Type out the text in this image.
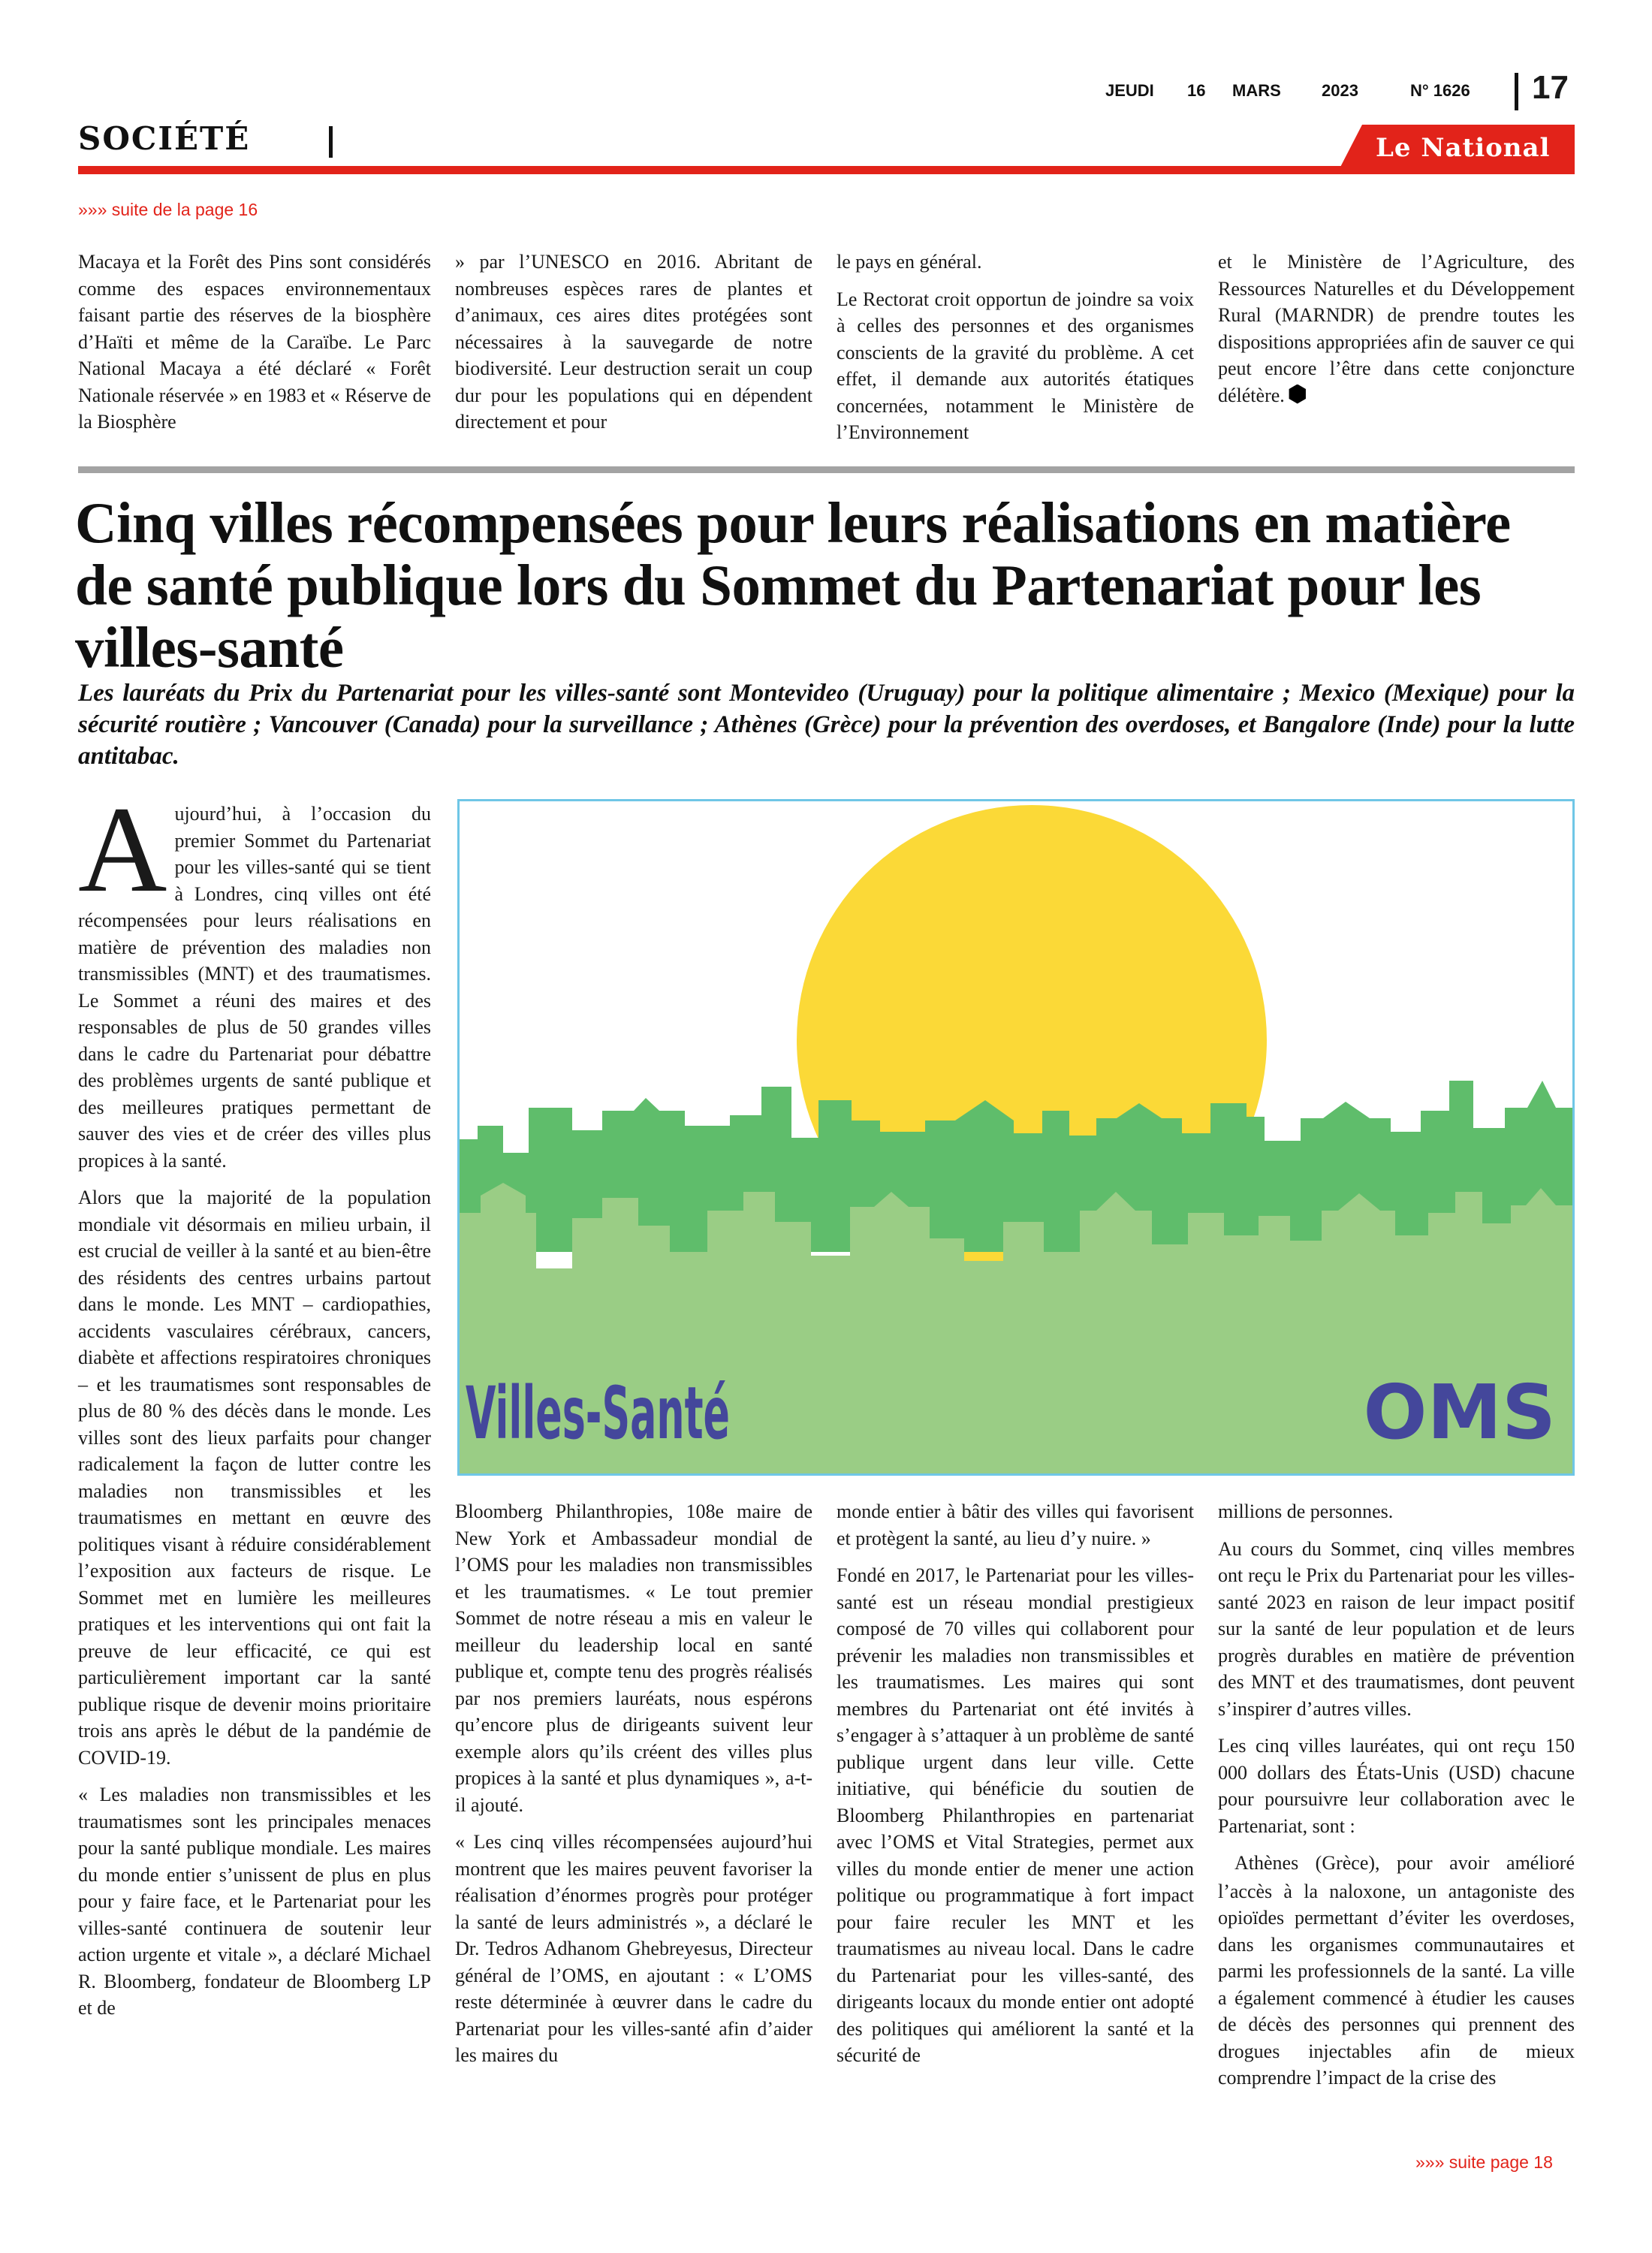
JEUDI 16 MARS 2023	N° 1626 17
SOCIÉTÉ	Le National
»»» suite de la page 16

Macaya et la Forêt des Pins sont considérés comme des espaces environnementaux faisant partie des réserves de la biosphère d’Haïti et même de la Caraïbe. Le Parc National Macaya a été déclaré « Forêt Nationale réservée » en 1983 et « Réserve de la Biosphère

» par l’UNESCO en 2016. Abritant de nombreuses espèces rares de plantes et d’animaux, ces aires dites protégées sont nécessaires à la sauvegarde de notre biodiversité. Leur destruction serait un coup dur pour les populations qui en dépendent directement et pour

le pays en général.

Le Rectorat croit opportun de joindre sa voix à celles des personnes et des organismes conscients de la gravité du problème. A cet effet, il demande aux autorités étatiques concernées, notamment le Ministère de l’Environnement

et le Ministère de l’Agriculture, des Ressources Naturelles et du Développement Rural (MARNDR) de prendre toutes les dispositions appropriées afin de sauver ce qui peut encore l’être dans cette conjoncture délétère.

Cinq villes récompensées pour leurs réalisations en matière de santé publique lors du Sommet du Partenariat pour les villes-santé

Les lauréats du Prix du Partenariat pour les villes-santé sont Montevideo (Uruguay) pour la politique alimentaire ; Mexico (Mexique) pour la sécurité routière ; Vancouver (Canada) pour la surveillance ; Athènes (Grèce) pour la prévention des overdoses, et Bangalore (Inde) pour la lutte antitabac.

Aujourd’hui, à l’occasion du premier Sommet du Partenariat pour les villes-santé qui se tient à Londres, cinq villes ont été récompensées pour leurs réalisations en matière de prévention des maladies non transmissibles (MNT) et des traumatismes. Le Sommet a réuni des maires et des responsables de plus de 50 grandes villes dans le cadre du Partenariat pour débattre des problèmes urgents de santé publique et des meilleures pratiques permettant de sauver des vies et de créer des villes plus propices à la santé.

Alors que la majorité de la population mondiale vit désormais en milieu urbain, il est crucial de veiller à la santé et au bien-être des résidents des centres urbains partout dans le monde. Les MNT – cardiopathies, accidents vasculaires cérébraux, cancers, diabète et affections respiratoires chroniques – et les traumatismes sont responsables de plus de 80 % des décès dans le monde. Les villes sont des lieux parfaits pour changer radicalement la façon de lutter contre les maladies non transmissibles et les traumatismes en mettant en œuvre des politiques visant à réduire considérablement l’exposition aux facteurs de risque. Le Sommet met en lumière les meilleures pratiques et les interventions qui ont fait la preuve de leur efficacité, ce qui est particulièrement important car la santé publique risque de devenir moins prioritaire trois ans après le début de la pandémie de COVID-19.

« Les maladies non transmissibles et les traumatismes sont les principales menaces pour la santé publique mondiale. Les maires du monde entier s’unissent de plus en plus pour y faire face, et le Partenariat pour les villes-santé continuera de soutenir leur action urgente et vitale », a déclaré Michael R. Bloomberg, fondateur de Bloomberg LP et de

Villes-Santé	OMS

Bloomberg Philanthropies, 108e maire de New York et Ambassadeur mondial de l’OMS pour les maladies non transmissibles et les traumatismes. « Le tout premier Sommet de notre réseau a mis en valeur le meilleur du leadership local en santé publique et, compte tenu des progrès réalisés par nos premiers lauréats, nous espérons qu’encore plus de dirigeants suivent leur exemple alors qu’ils créent des villes plus propices à la santé et plus dynamiques », a-t-il ajouté.

« Les cinq villes récompensées aujourd’hui montrent que les maires peuvent favoriser la réalisation d’énormes progrès pour protéger la santé de leurs administrés », a déclaré le Dr. Tedros Adhanom Ghebreyesus, Directeur général de l’OMS, en ajoutant : « L’OMS reste déterminée à œuvrer dans le cadre du Partenariat pour les villes-santé afin d’aider les maires du

monde entier à bâtir des villes qui favorisent et protègent la santé, au lieu d’y nuire. »

Fondé en 2017, le Partenariat pour les villes-santé est un réseau mondial prestigieux composé de 70 villes qui collaborent pour prévenir les maladies non transmissibles et les traumatismes. Les maires qui sont membres du Partenariat ont été invités à s’engager à s’attaquer à un problème de santé publique urgent dans leur ville. Cette initiative, qui bénéficie du soutien de Bloomberg Philanthropies en partenariat avec l’OMS et Vital Strategies, permet aux villes du monde entier de mener une action politique ou programmatique à fort impact pour faire reculer les MNT et les traumatismes au niveau local. Dans le cadre du Partenariat pour les villes-santé, des dirigeants locaux du monde entier ont adopté des politiques qui améliorent la santé et la sécurité de

millions de personnes.

Au cours du Sommet, cinq villes membres ont reçu le Prix du Partenariat pour les villes-santé 2023 en raison de leur impact positif sur la santé de leur population et de leurs progrès durables en matière de prévention des MNT et des traumatismes, dont peuvent s’inspirer d’autres villes.

Les cinq villes lauréates, qui ont reçu 150 000 dollars des États-Unis (USD) chacune pour poursuivre leur collaboration avec le Partenariat, sont :

Athènes (Grèce), pour avoir amélioré l’accès à la naloxone, un antagoniste des opioïdes permettant d’éviter les overdoses, dans les organismes communautaires et parmi les professionnels de la santé. La ville a également commencé à étudier les causes de décès des personnes qui prennent des drogues injectables afin de mieux comprendre l’impact de la crise des

»»» suite page 18
